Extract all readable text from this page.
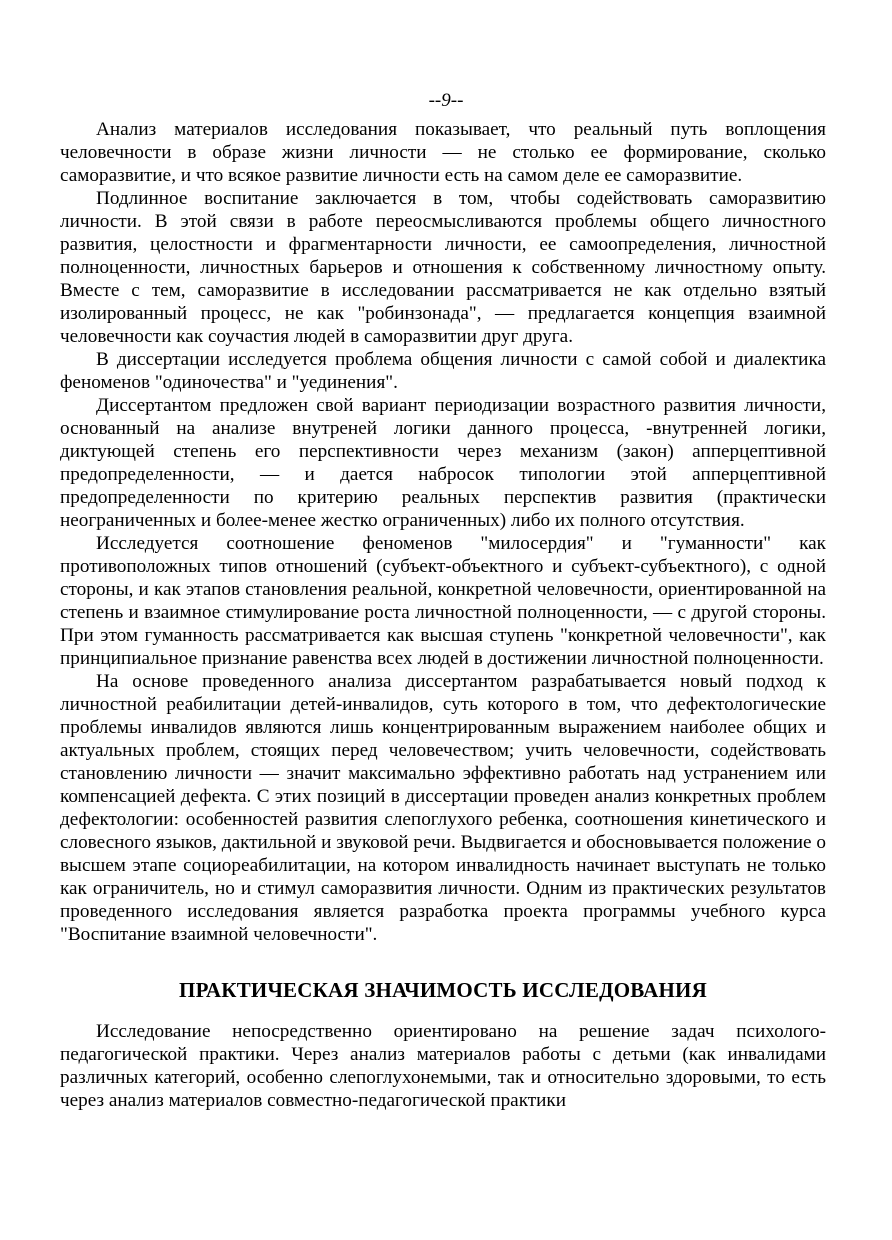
--9--

Анализ материалов исследования показывает, что реальный путь воплощения человечности в образе жизни личности — не столько ее формирование, сколько саморазвитие, и что всякое развитие личности есть на самом деле ее саморазвитие.

Подлинное воспитание заключается в том, чтобы содействовать саморазвитию личности. В этой связи в работе переосмысливаются проблемы общего личностного развития, целостности и фрагментарности личности, ее самоопределения, личностной полноценности, личностных барьеров и отношения к собственному личностному опыту. Вместе с тем, саморазвитие в исследовании рассматривается не как отдельно взятый изолированный процесс, не как "робинзонада", — предлагается концепция взаимной человечности как соучастия людей в саморазвитии друг друга.

В диссертации исследуется проблема общения личности с самой собой и диалектика феноменов "одиночества" и "уединения".

Диссертантом предложен свой вариант периодизации возрастного развития личности, основанный на анализе внутреней логики данного процесса, -внутренней логики, диктующей степень его перспективности через механизм (закон) апперцептивной предопределенности, — и дается набросок типологии этой апперцептивной предопределенности по критерию реальных перспектив развития (практически неограниченных и более-менее жестко ограниченных) либо их полного отсутствия.

Исследуется соотношение феноменов "милосердия" и "гуманности" как противоположных типов отношений (субъект-объектного и субъект-субъектного), с одной стороны, и как этапов становления реальной, конкретной человечности, ориентированной на степень и взаимное стимулирование роста личностной полноценности, — с другой стороны. При этом гуманность рассматривается как высшая ступень "конкретной человечности", как принципиальное признание равенства всех людей в достижении личностной полноценности.

На основе проведенного анализа диссертантом разрабатывается новый подход к личностной реабилитации детей-инвалидов, суть которого в том, что дефектологические проблемы инвалидов являются лишь концентрированным выражением наиболее общих и актуальных проблем, стоящих перед человечеством; учить человечности, содействовать становлению личности — значит максимально эффективно работать над устранением или компенсацией дефекта. С этих позиций в диссертации проведен анализ конкретных проблем дефектологии: особенностей развития слепоглухого ребенка, соотношения кинетического и словесного языков, дактильной и звуковой речи. Выдвигается и обосновывается положение о высшем этапе социореабилитации, на котором инвалидность начинает выступать не только как ограничитель, но и стимул саморазвития личности. Одним из практических результатов проведенного исследования является разработка проекта программы учебного курса "Воспитание взаимной человечности".

ПРАКТИЧЕСКАЯ ЗНАЧИМОСТЬ ИССЛЕДОВАНИЯ

Исследование непосредственно ориентировано на решение задач психолого-педагогической практики. Через анализ материалов работы с детьми (как инвалидами различных категорий, особенно слепоглухонемыми, так и относительно здоровыми, то есть через анализ материалов совместно-педагогической практики
